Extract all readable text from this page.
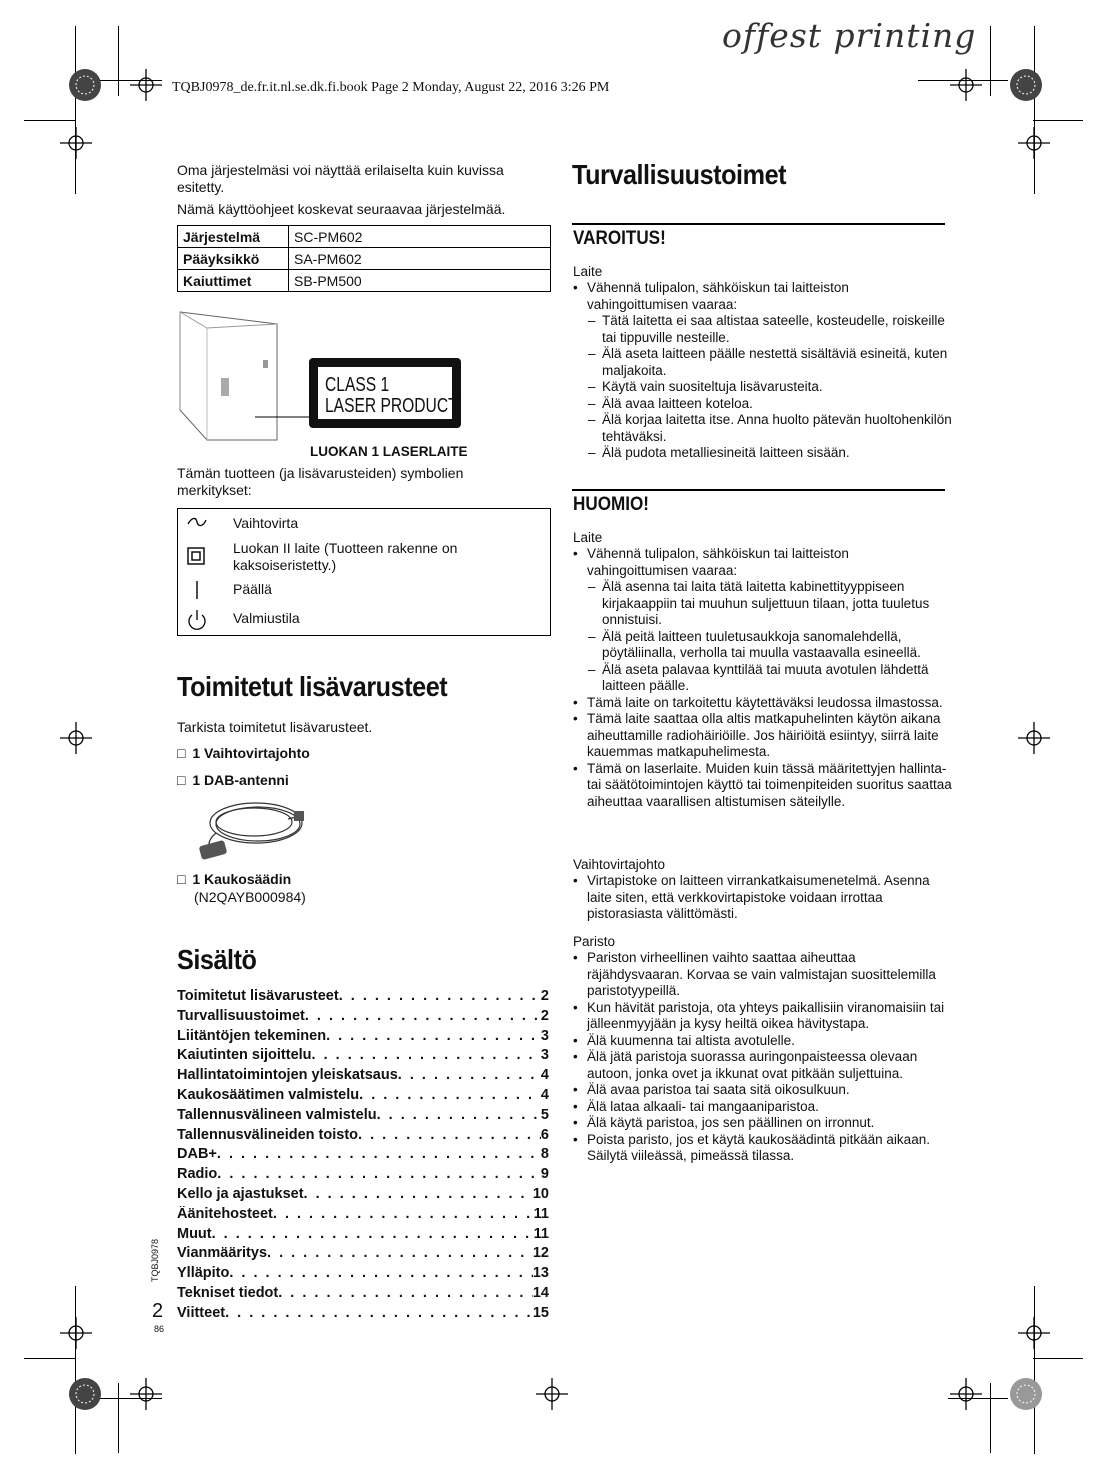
offest printing
TQBJ0978_de.fr.it.nl.se.dk.fi.book Page 2 Monday, August 22, 2016 3:26 PM

Oma järjestelmäsi voi näyttää erilaiselta kuin kuvissa esitetty.

Nämä käyttöohjeet koskevat seuraavaa järjestelmää.

Järjestelmä	SC-PM602
Pääyksikkö	SA-PM602
Kaiuttimet	SB-PM500
CLASS 1
LASER PRODUCT
LUOKAN 1 LASERLAITE
Tämän tuotteen (ja lisävarusteiden) symbolien merkitykset:
Vaihtovirta
Luokan II laite (Tuotteen rakenne on kaksoiseristetty.)
Päällä
Valmiustila
Toimitetut lisävarusteet
Tarkista toimitetut lisävarusteet.
□ 1 Vaihtovirtajohto
□ 1 DAB-antenni
□ 1 Kaukosäädin
(N2QAYB000984)
Sisältö
Toimitetut lisävarusteet . . .	2
Turvallisuustoimet . . .	2
Liitäntöjen tekeminen . . .	3
Kaiutinten sijoittelu . . .	3
Hallintatoimintojen yleiskatsaus . . .	4
Kaukosäätimen valmistelu . . .	4
Tallennusvälineen valmistelu . . .	5
Tallennusvälineiden toisto . . .	6
DAB+ . . .	8
Radio . . .	9
Kello ja ajastukset . . .	10
Äänitehosteet . . .	11
Muut . . .	11
Vianmääritys . . .	12
Ylläpito . . .	13
Tekniset tiedot . . .	14
Viitteet . . .	15
TQBJ0978
2
86
Turvallisuustoimet
VAROITUS!
Laite
• Vähennä tulipalon, sähköiskun tai laitteiston vahingoittumisen vaaraa:
– Tätä laitetta ei saa altistaa sateelle, kosteudelle, roiskeille tai tippuville nesteille.
– Älä aseta laitteen päälle nestettä sisältäviä esineitä, kuten maljakoita.
– Käytä vain suositeltuja lisävarusteita.
– Älä avaa laitteen koteloa.
– Älä korjaa laitetta itse. Anna huolto pätevän huoltohenkilön tehtäväksi.
– Älä pudota metalliesineitä laitteen sisään.
HUOMIO!
Laite
• Vähennä tulipalon, sähköiskun tai laitteiston vahingoittumisen vaaraa:
– Älä asenna tai laita tätä laitetta kabinettityyppiseen kirjakaappiin tai muuhun suljettuun tilaan, jotta tuuletus onnistuisi.
– Älä peitä laitteen tuuletusaukkoja sanomalehdellä, pöytäliinalla, verholla tai muulla vastaavalla esineellä.
– Älä aseta palavaa kynttilää tai muuta avotulen lähdettä laitteen päälle.
• Tämä laite on tarkoitettu käytettäväksi leudossa ilmastossa.
• Tämä laite saattaa olla altis matkapuhelinten käytön aikana aiheuttamille radiohäiriöille. Jos häiriöitä esiintyy, siirrä laite kauemmas matkapuhelimesta.
• Tämä on laserlaite. Muiden kuin tässä määritettyjen hallinta- tai säätötoimintojen käyttö tai toimenpiteiden suoritus saattaa aiheuttaa vaarallisen altistumisen säteilylle.
Vaihtovirtajohto
• Virtapistoke on laitteen virrankatkaisumenetelmä. Asenna laite siten, että verkkovirtapistoke voidaan irrottaa pistorasiasta välittömästi.
Paristo
• Pariston virheellinen vaihto saattaa aiheuttaa räjähdysvaaran. Korvaa se vain valmistajan suosittelemilla paristotyypeillä.
• Kun hävität paristoja, ota yhteys paikallisiin viranomaisiin tai jälleenmyyjään ja kysy heiltä oikea hävitystapa.
• Älä kuumenna tai altista avotulelle.
• Älä jätä paristoja suorassa auringonpaisteessa olevaan autoon, jonka ovet ja ikkunat ovat pitkään suljettuina.
• Älä avaa paristoa tai saata sitä oikosulkuun.
• Älä lataa alkaali- tai mangaaniparistoa.
• Älä käytä paristoa, jos sen päällinen on irronnut.
• Poista paristo, jos et käytä kaukosäädintä pitkään aikaan. Säilytä viileässä, pimeässä tilassa.
